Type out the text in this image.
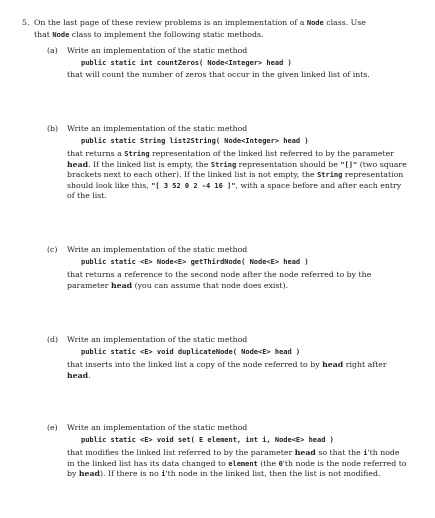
5. On the last page of these review problems is an implementation of a Node class. Use
that Node class to implement the following static methods.
(a) Write an implementation of the static method
public static int countZeros( Node<Integer> head )
that will count the number of zeros that occur in the given linked list of ints.
(b) Write an implementation of the static method
public static String list2String( Node<Integer> head )
that returns a String representation of the linked list referred to by the parameter head. If the linked list is empty, the String representation should be "[]" (two square brackets next to each other). If the linked list is not empty, the String representation should look like this, "[ 3 52 0 2 -4 16 ]", with a space before and after each entry of the list.
(c) Write an implementation of the static method
public static <E> Node<E> getThirdNode( Node<E> head )
that returns a reference to the second node after the node referred to by the parameter head (you can assume that node does exist).
(d) Write an implementation of the static method
public static <E> void duplicateNode( Node<E> head )
that inserts into the linked list a copy of the node referred to by head right after head.
(e) Write an implementation of the static method
public static <E> void set( E element, int i, Node<E> head )
that modifies the linked list referred to by the parameter head so that the i'th node in the linked list has its data changed to element (the 0'th node is the node referred to by head). If there is no i'th node in the linked list, then the list is not modified.
